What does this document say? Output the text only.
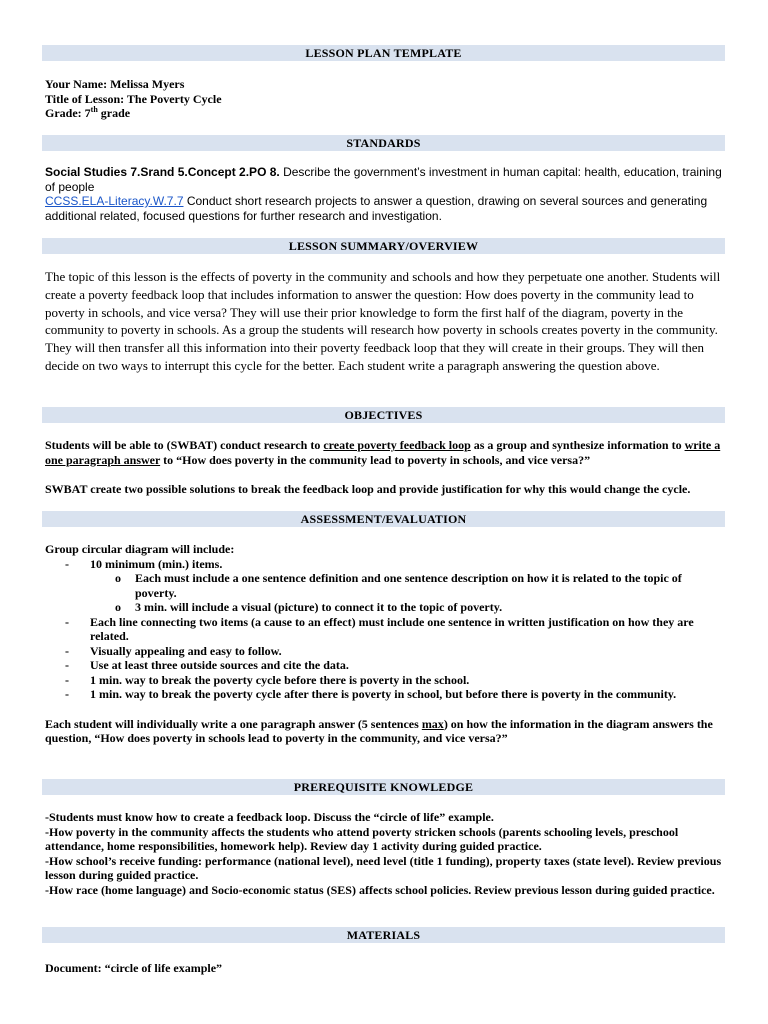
LESSON PLAN TEMPLATE
Your Name: Melissa Myers
Title of Lesson: The Poverty Cycle
Grade: 7th grade
STANDARDS
Social Studies 7.Srand 5.Concept 2.PO 8. Describe the government’s investment in human capital: health, education, training of people
CCSS.ELA-Literacy.W.7.7 Conduct short research projects to answer a question, drawing on several sources and generating additional related, focused questions for further research and investigation.
LESSON SUMMARY/OVERVIEW
The topic of this lesson is the effects of poverty in the community and schools and how they perpetuate one another. Students will create a poverty feedback loop that includes information to answer the question: How does poverty in the community lead to poverty in schools, and vice versa? They will use their prior knowledge to form the first half of the diagram, poverty in the community to poverty in schools. As a group the students will research how poverty in schools creates poverty in the community. They will then transfer all this information into their poverty feedback loop that they will create in their groups. They will then decide on two ways to interrupt this cycle for the better. Each student write a paragraph answering the question above.
OBJECTIVES
Students will be able to (SWBAT) conduct research to create poverty feedback loop as a group and synthesize information to write a one paragraph answer to “How does poverty in the community lead to poverty in schools, and vice versa?”
SWBAT create two possible solutions to break the feedback loop and provide justification for why this would change the cycle.
ASSESSMENT/EVALUATION
Group circular diagram will include:
- 10 minimum (min.) items.
o Each must include a one sentence definition and one sentence description on how it is related to the topic of poverty.
o 3 min. will include a visual (picture) to connect it to the topic of poverty.
- Each line connecting two items (a cause to an effect) must include one sentence in written justification on how they are related.
- Visually appealing and easy to follow.
- Use at least three outside sources and cite the data.
- 1 min. way to break the poverty cycle before there is poverty in the school.
- 1 min. way to break the poverty cycle after there is poverty in school, but before there is poverty in the community.
Each student will individually write a one paragraph answer (5 sentences max) on how the information in the diagram answers the question, “How does poverty in schools lead to poverty in the community, and vice versa?”
PREREQUISITE KNOWLEDGE
-Students must know how to create a feedback loop. Discuss the “circle of life” example.
-How poverty in the community affects the students who attend poverty stricken schools (parents schooling levels, preschool attendance, home responsibilities, homework help). Review day 1 activity during guided practice.
-How school’s receive funding: performance (national level), need level (title 1 funding), property taxes (state level). Review previous lesson during guided practice.
-How race (home language) and Socio-economic status (SES) affects school policies. Review previous lesson during guided practice.
MATERIALS
Document: “circle of life example”
